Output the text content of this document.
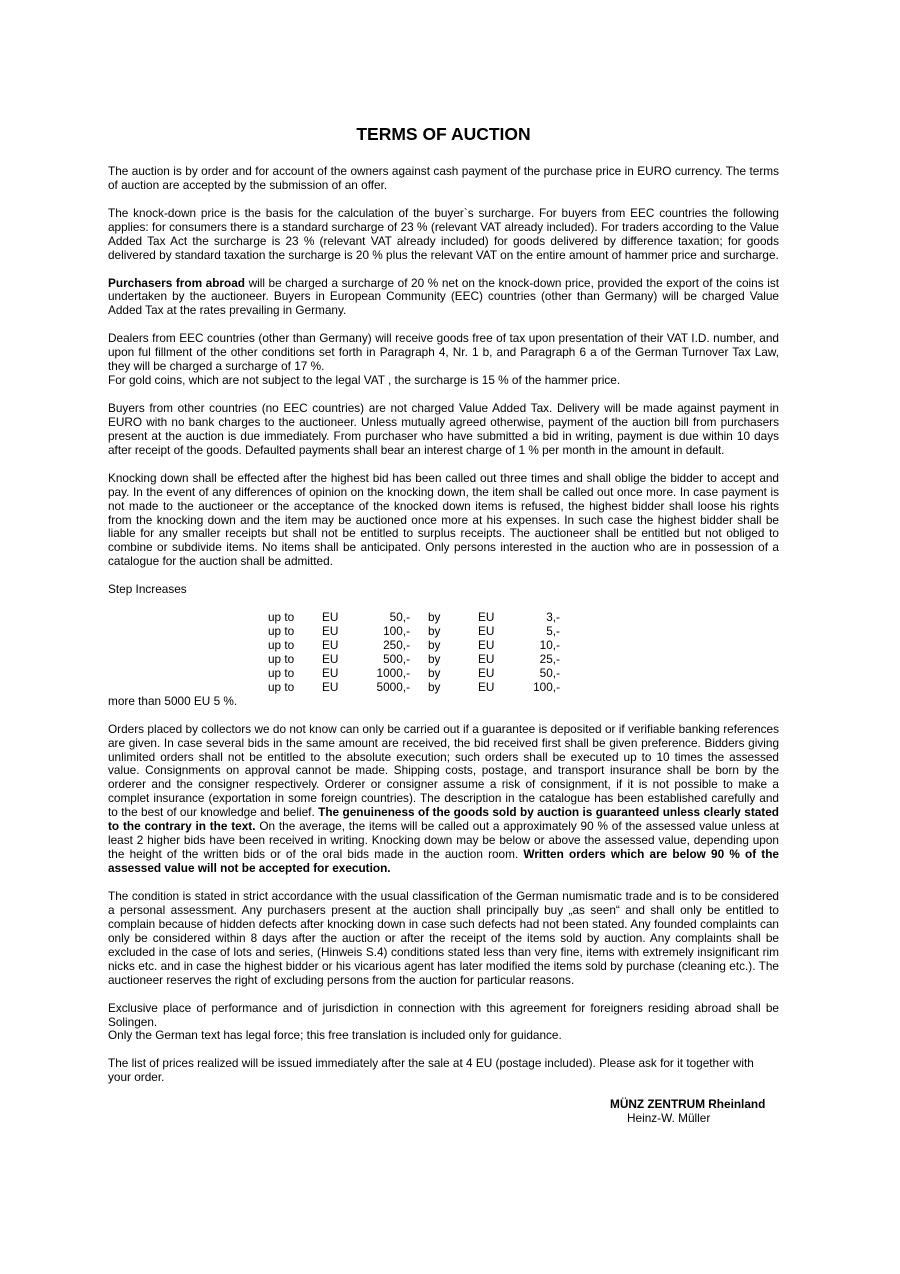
TERMS OF AUCTION

The auction is by order and for account of the owners against cash payment of the purchase price in EURO currency. The terms of auction are accepted by the submission of an offer.

The knock-down price is the basis for the calculation of the buyer`s surcharge. For buyers from EEC countries the following applies: for consumers there is a standard surcharge of 23 % (relevant VAT already included). For traders according to the Value Added Tax Act the surcharge is 23 % (relevant VAT already included) for goods delivered by difference taxation; for goods delivered by standard taxation the surcharge is 20 % plus the relevant VAT on the entire amount of hammer price and surcharge.

Purchasers from abroad will be charged a surcharge of 20 % net on the knock-down price, provided the export of the coins ist undertaken by the auctioneer. Buyers in European Community (EEC) countries (other than Germany) will be charged Value Added Tax at the rates prevailing in Germany.

Dealers from EEC countries (other than Germany) will receive goods free of tax upon presentation of their VAT I.D. number, and upon ful fillment of the other conditions set forth in Paragraph 4, Nr. 1 b, and Paragraph 6 a of the German Turnover Tax Law, they will be charged a surcharge of 17 %.

For gold coins, which are not subject to the legal VAT , the surcharge is 15 % of the hammer price.

Buyers from other countries (no EEC countries) are not charged Value Added Tax. Delivery will be made against payment in EURO with no bank charges to the auctioneer. Unless mutually agreed otherwise, payment of the auction bill from purchasers present at the auction is due immediately. From purchaser who have submitted a bid in writing, payment is due within 10 days after receipt of the goods. Defaulted payments shall bear an interest charge of 1 % per month in the amount in default.

Knocking down shall be effected after the highest bid has been called out three times and shall oblige the bidder to accept and pay. In the event of any differences of opinion on the knocking down, the item shall be called out once more. In case payment is not made to the auctioneer or the acceptance of the knocked down items is refused, the highest bidder shall loose his rights from the knocking down and the item may be auctioned once more at his expenses. In such case the highest bidder shall be liable for any smaller receipts but shall not be entitled to surplus receipts. The auctioneer shall be entitled but not obliged to combine or subdivide items. No items shall be anticipated. Only persons interested in the auction who are in possession of a catalogue for the auction shall be admitted.

Step Increases

up to	EU	50,-	by	EU	3,-
up to	EU	100,-	by	EU	5,-
up to	EU	250,-	by	EU	10,-
up to	EU	500,-	by	EU	25,-
up to	EU	1000,-	by	EU	50,-
up to	EU	5000,-	by	EU	100,-

more than 5000 EU 5 %.

Orders placed by collectors we do not know can only be carried out if a guarantee is deposited or if verifiable banking references are given. In case several bids in the same amount are received, the bid received first shall be given preference. Bidders giving unlimited orders shall not be entitled to the absolute execution; such orders shall be executed up to 10 times the assessed value. Consignments on approval cannot be made. Shipping costs, postage, and transport insurance shall be born by the orderer and the consigner respectively. Orderer or consigner assume a risk of consignment, if it is not possible to make a complet insurance (exportation in some foreign countries). The description in the catalogue has been established carefully and to the best of our knowledge and belief. The genuineness of the goods sold by auction is guaranteed unless clearly stated to the contrary in the text. On the average, the items will be called out a approximately 90 % of the assessed value unless at least 2 higher bids have been received in writing. Knocking down may be below or above the assessed value, depending upon the height of the written bids or of the oral bids made in the auction room. Written orders which are below 90 % of the assessed value will not be accepted for execution.

The condition is stated in strict accordance with the usual classification of the German numismatic trade and is to be considered a personal assessment. Any purchasers present at the auction shall principally buy „as seen“ and shall only be entitled to complain because of hidden defects after knocking down in case such defects had not been stated. Any founded complaints can only be considered within 8 days after the auction or after the receipt of the items sold by auction. Any complaints shall be excluded in the case of lots and series, (Hinweis S.4) conditions stated less than very fine, items with extremely insignificant rim nicks etc. and in case the highest bidder or his vicarious agent has later modified the items sold by purchase (cleaning etc.). The auctioneer reserves the right of excluding persons from the auction for particular reasons.

Exclusive place of performance and of jurisdiction in connection with this agreement for foreigners residing abroad shall be Solingen.

Only the German text has legal force; this free translation is included only for guidance.

The list of prices realized will be issued immediately after the sale at 4 EU (postage included). Please ask for it together with your order.

MÜNZ ZENTRUM Rheinland
Heinz-W. Müller
